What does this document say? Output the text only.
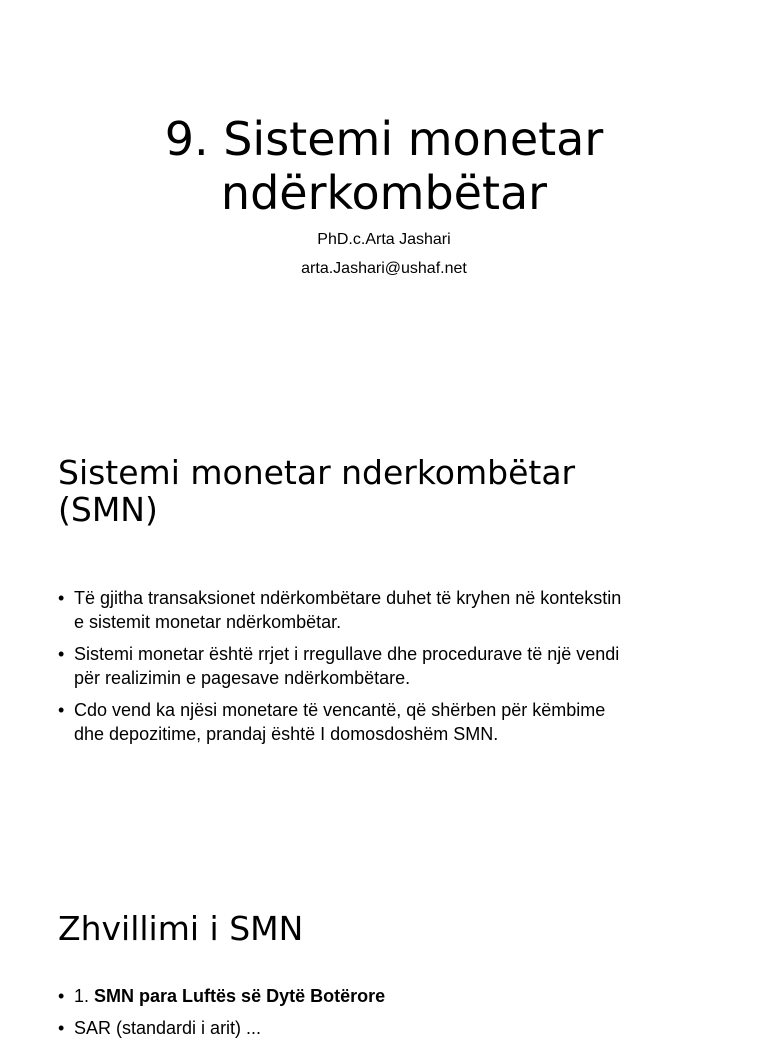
9. Sistemi monetar
ndërkombëtar
PhD.c.Arta Jashari
arta.Jashari@ushaf.net
Sistemi monetar nderkombëtar
(SMN)
• Të gjitha transaksionet ndërkombëtare duhet të kryhen në kontekstin
e sistemit monetar ndërkombëtar.
• Sistemi monetar është rrjet i rregullave dhe procedurave të një vendi
për realizimin e pagesave ndërkombëtare.
• Cdo vend ka njësi monetare të vencantë, që shërben për këmbime
dhe depozitime, prandaj është I domosdoshëm SMN.
Zhvillimi i SMN
• 1. SMN para Luftës së Dytë Botërore
• SAR (standardi i arit) ...
